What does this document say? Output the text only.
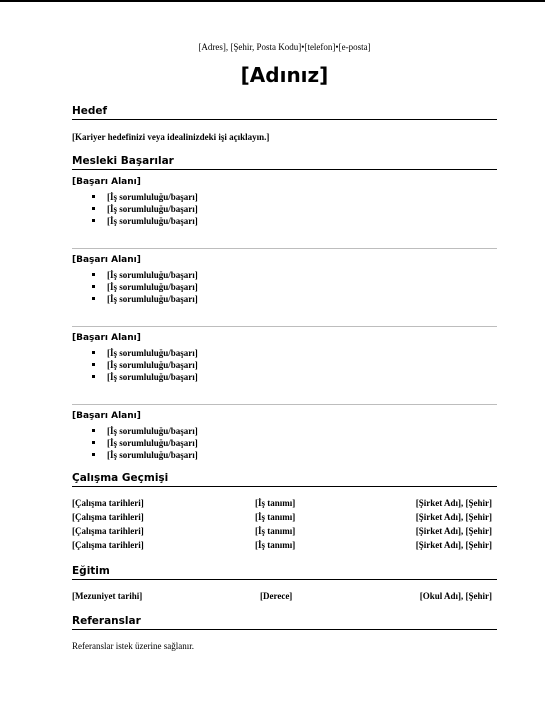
[Adres], [Şehir, Posta Kodu]•[telefon]•[e-posta]
[Adınız]
Hedef
[Kariyer hedefinizi veya idealinizdeki işi açıklayın.]
Mesleki Başarılar
[Başarı Alanı]
[İş sorumluluğu/başarı]
[İş sorumluluğu/başarı]
[İş sorumluluğu/başarı]
[Başarı Alanı]
[İş sorumluluğu/başarı]
[İş sorumluluğu/başarı]
[İş sorumluluğu/başarı]
[Başarı Alanı]
[İş sorumluluğu/başarı]
[İş sorumluluğu/başarı]
[İş sorumluluğu/başarı]
[Başarı Alanı]
[İş sorumluluğu/başarı]
[İş sorumluluğu/başarı]
[İş sorumluluğu/başarı]
Çalışma Geçmişi
[Çalışma tarihleri]	[İş tanımı]	[Şirket Adı], [Şehir]
[Çalışma tarihleri]	[İş tanımı]	[Şirket Adı], [Şehir]
[Çalışma tarihleri]	[İş tanımı]	[Şirket Adı], [Şehir]
[Çalışma tarihleri]	[İş tanımı]	[Şirket Adı], [Şehir]
Eğitim
[Mezuniyet tarihi]	[Derece]	[Okul Adı], [Şehir]
Referanslar
Referanslar istek üzerine sağlanır.
